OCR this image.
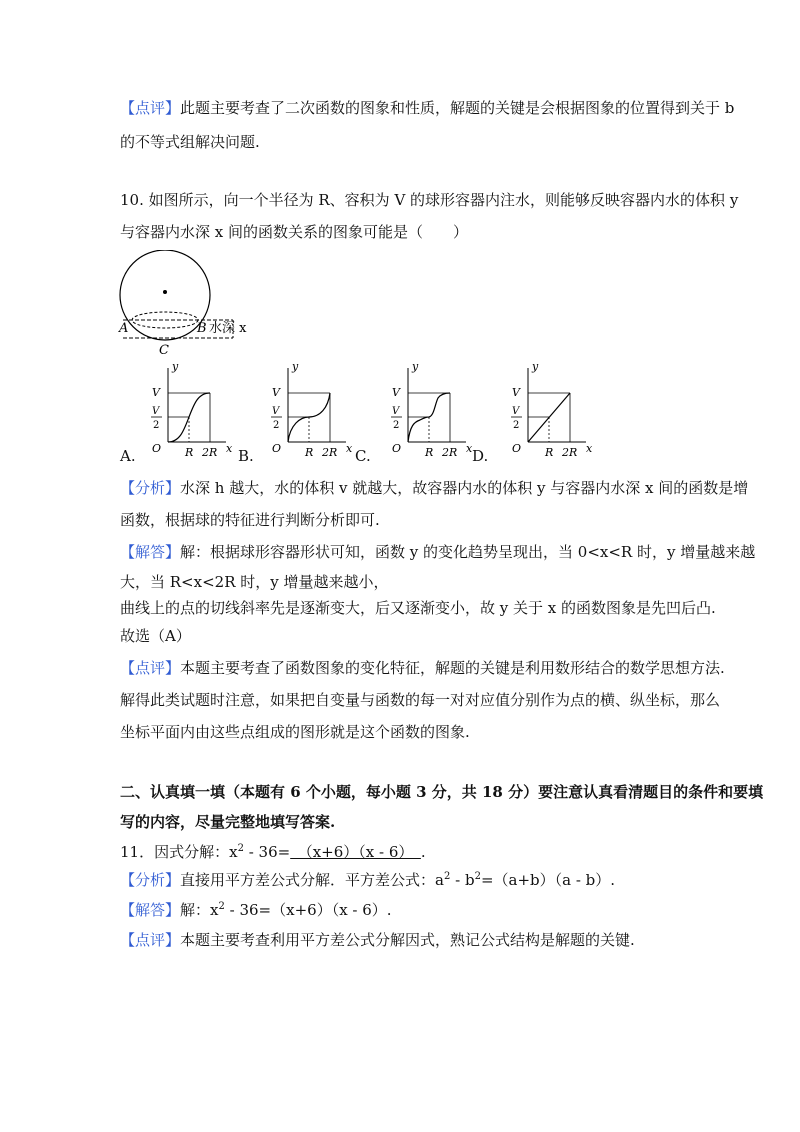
【点评】此题主要考查了二次函数的图象和性质，解题的关键是会根据图象的位置得到关于 b
的不等式组解决问题.
10. 如图所示，向一个半径为 R、容积为 V 的球形容器内注水，则能够反映容器内水的体积 y
与容器内水深 x 间的函数关系的图象可能是（　　）
A	B
C
水深 x
y
x
O
V
V
2
R 2R
y
x
O
V
V
2
R 2R
y
x
O
V
V
2
R 2R
y
x
O
V
V
2
R 2R
A.	B.	C.	D.
【分析】水深 h 越大，水的体积 v 就越大，故容器内水的体积 y 与容器内水深 x 间的函数是增
函数，根据球的特征进行判断分析即可.
【解答】解：根据球形容器形状可知，函数 y 的变化趋势呈现出，当 0<x<R 时，y 增量越来越
大，当 R<x<2R 时，y 增量越来越小，
曲线上的点的切线斜率先是逐渐变大，后又逐渐变小，故 y 关于 x 的函数图象是先凹后凸.
故选（A）
【点评】本题主要考查了函数图象的变化特征，解题的关键是利用数形结合的数学思想方法.
解得此类试题时注意，如果把自变量与函数的每一对对应值分别作为点的横、纵坐标，那么
坐标平面内由这些点组成的图形就是这个函数的图象.
二、认真填一填（本题有 6 个小题，每小题 3 分，共 18 分）要注意认真看清题目的条件和要填
写的内容，尽量完整地填写答案.
11．因式分解：$x^2 - 36=$　（x+6）（x - 6）　.
【分析】直接用平方差公式分解．平方差公式：$a^2 - b^2=(a+b)(a - b)$.
【解答】解：$x^2 - 36=(x+6)(x - 6)$.
【点评】本题主要考查利用平方差公式分解因式，熟记公式结构是解题的关键.
